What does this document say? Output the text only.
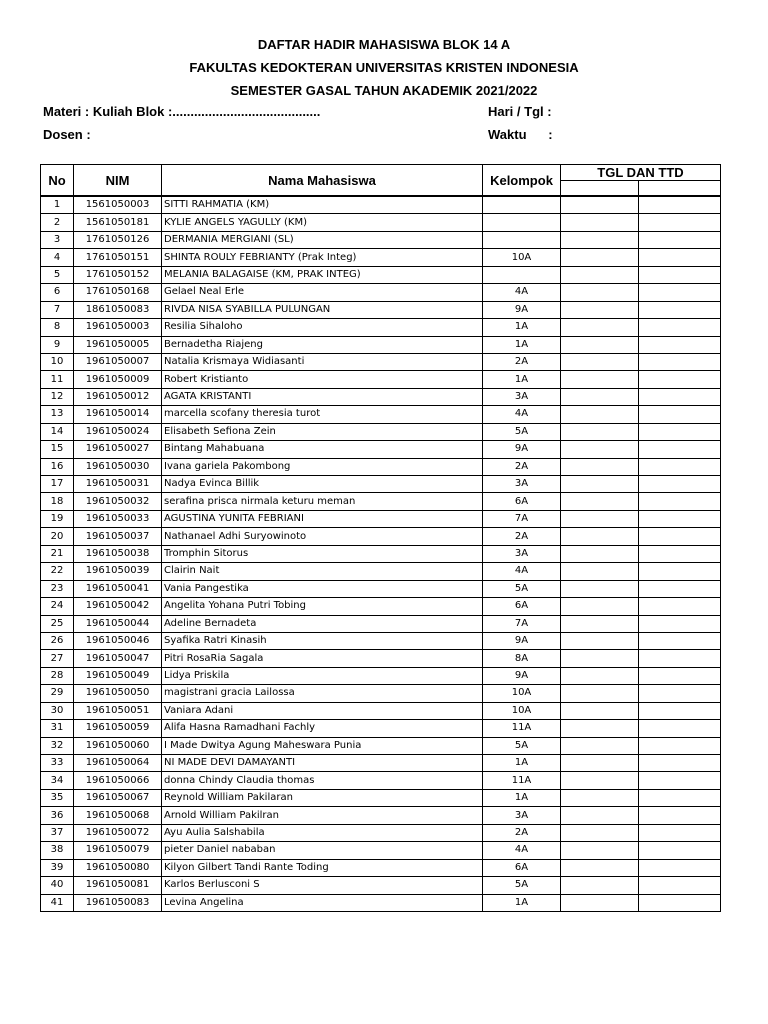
DAFTAR HADIR MAHASISWA BLOK 14 A
FAKULTAS KEDOKTERAN UNIVERSITAS KRISTEN INDONESIA
SEMESTER GASAL TAHUN AKADEMIK 2021/2022
Materi : Kuliah Blok :.........................................	Hari / Tgl :
Dosen :	Waktu      :
No	NIM	Nama Mahasiswa	Kelompok	TGL DAN TTD	

1	1561050003	SITTI RAHMATIA (KM)			
2	1561050181	KYLIE ANGELS YAGULLY (KM)			
3	1761050126	DERMANIA MERGIANI (SL)			
4	1761050151	SHINTA ROULY FEBRIANTY (Prak Integ)	10A		
5	1761050152	MELANIA BALAGAISE (KM, PRAK INTEG)			
6	1761050168	Gelael Neal Erle	4A		
7	1861050083	RIVDA NISA SYABILLA PULUNGAN	9A		
8	1961050003	Resilia Sihaloho	1A		
9	1961050005	Bernadetha Riajeng	1A		
10	1961050007	Natalia Krismaya Widiasanti	2A		
11	1961050009	Robert Kristianto	1A		
12	1961050012	AGATA KRISTANTI	3A		
13	1961050014	marcella scofany theresia turot	4A		
14	1961050024	Elisabeth Sefiona Zein	5A		
15	1961050027	Bintang Mahabuana	9A		
16	1961050030	Ivana gariela Pakombong	2A		
17	1961050031	Nadya Evinca Billik	3A		
18	1961050032	serafina prisca nirmala keturu meman	6A		
19	1961050033	AGUSTINA YUNITA FEBRIANI	7A		
20	1961050037	Nathanael Adhi Suryowinoto	2A		
21	1961050038	Tromphin Sitorus	3A		
22	1961050039	Clairin Nait	4A		
23	1961050041	Vania Pangestika	5A		
24	1961050042	Angelita Yohana Putri Tobing	6A		
25	1961050044	Adeline Bernadeta	7A		
26	1961050046	Syafika Ratri Kinasih	9A		
27	1961050047	Pitri RosaRia Sagala	8A		
28	1961050049	Lidya Priskila	9A		
29	1961050050	magistrani gracia Lailossa	10A		
30	1961050051	Vaniara Adani	10A		
31	1961050059	Alifa Hasna Ramadhani Fachly	11A		
32	1961050060	I Made Dwitya Agung Maheswara Punia	5A		
33	1961050064	NI MADE DEVI DAMAYANTI	1A		
34	1961050066	donna Chindy Claudia thomas	11A		
35	1961050067	Reynold William Pakilaran	1A		
36	1961050068	Arnold William Pakilran	3A		
37	1961050072	Ayu Aulia Salshabila	2A		
38	1961050079	pieter Daniel nababan	4A		
39	1961050080	Kilyon Gilbert Tandi Rante Toding	6A		
40	1961050081	Karlos Berlusconi S	5A		
41	1961050083	Levina Angelina	1A		
